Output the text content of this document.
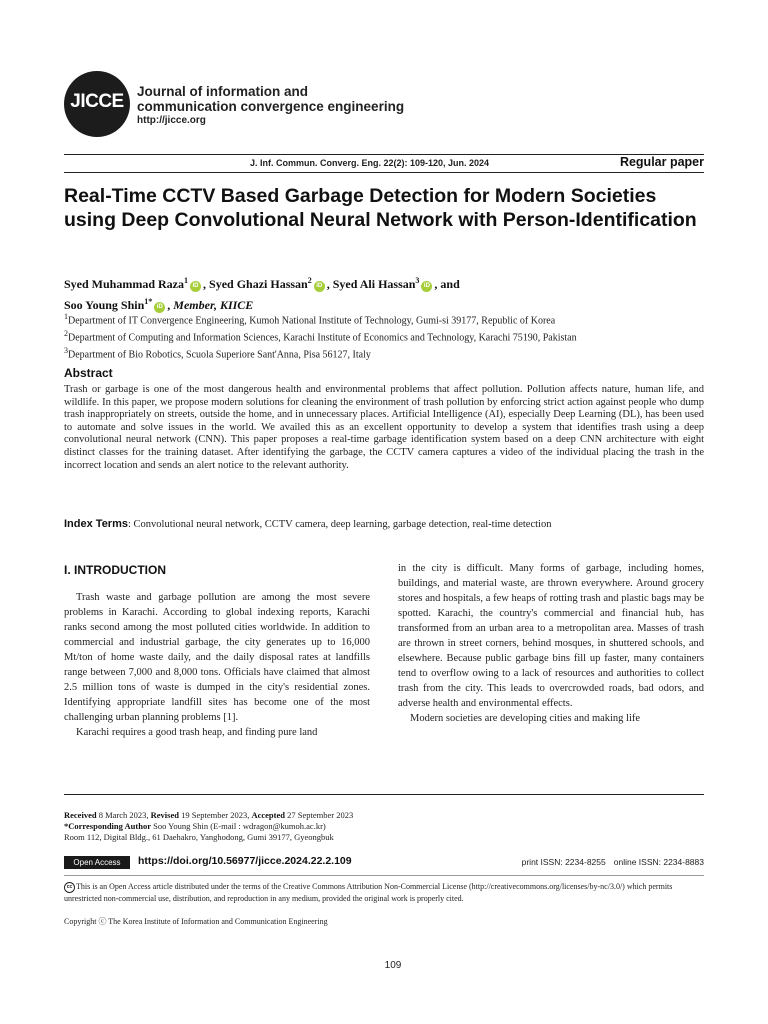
JICCE Journal of information and
communication convergence engineering
http://jicce.org
J. Inf. Commun. Converg. Eng. 22(2): 109-120, Jun. 2024	Regular paper
Real-Time CCTV Based Garbage Detection for Modern Societies using Deep Convolutional Neural Network with Person-Identification
Syed Muhammad Raza$^1$iD , Syed Ghazi Hassan$^2$iD , Syed Ali Hassan$^3$iD , and
Soo Young Shin$^{1*}$iD , Member, KIICE
$^1$Department of IT Convergence Engineering, Kumoh National Institute of Technology, Gumi-si 39177, Republic of Korea
$^2$Department of Computing and Information Sciences, Karachi Institute of Economics and Technology, Karachi 75190, Pakistan
$^3$Department of Bio Robotics, Scuola Superiore Sant'Anna, Pisa 56127, Italy
Abstract
Trash or garbage is one of the most dangerous health and environmental problems that affect pollution. Pollution affects nature, human life, and wildlife. In this paper, we propose modern solutions for cleaning the environment of trash pollution by enforcing strict action against people who dump trash inappropriately on streets, outside the home, and in unnecessary places. Artificial Intelligence (AI), especially Deep Learning (DL), has been used to automate and solve issues in the world. We availed this as an excellent opportunity to develop a system that identifies trash using a deep convolutional neural network (CNN). This paper proposes a real-time garbage identification system based on a deep CNN architecture with eight distinct classes for the training dataset. After identifying the garbage, the CCTV camera captures a video of the individual placing the trash in the incorrect location and sends an alert notice to the relevant authority.
Index Terms: Convolutional neural network, CCTV camera, deep learning, garbage detection, real-time detection
I. INTRODUCTION

Trash waste and garbage pollution are among the most severe problems in Karachi. According to global indexing reports, Karachi ranks second among the most polluted cities worldwide. In addition to commercial and industrial garbage, the city generates up to 16,000 Mt/ton of home waste daily, and the daily disposal rates at landfills range between 7,000 and 8,000 tons. Officials have claimed that almost 2.5 million tons of waste is dumped in the city's residential zones. Identifying appropriate landfill sites has become one of the most challenging urban planning problems [1].

Karachi requires a good trash heap, and finding pure land

in the city is difficult. Many forms of garbage, including homes, buildings, and material waste, are thrown everywhere. Around grocery stores and hospitals, a few heaps of rotting trash and plastic bags may be spotted. Karachi, the country's commercial and financial hub, has transformed from an urban area to a metropolitan area. Masses of trash are thrown in street corners, behind mosques, in shuttered schools, and elsewhere. Because public garbage bins fill up faster, many containers tend to overflow owing to a lack of resources and authorities to collect trash from the city. This leads to overcrowded roads, bad odors, and adverse health and environmental effects.

Modern societies are developing cities and making life

Received 8 March 2023, Revised 19 September 2023, Accepted 27 September 2023
*Corresponding Author Soo Young Shin (E-mail : wdragon@kumoh.ac.kr)
Room 112, Digital Bldg., 61 Daehakro, Yanghodong, Gumi 39177, Gyeongbuk
Open Access	https://doi.org/10.56977/jicce.2024.22.2.109	print ISSN: 2234-8255 online ISSN: 2234-8883
cc This is an Open Access article distributed under the terms of the Creative Commons Attribution Non-Commercial License (http://creativecommons.org/licenses/by-nc/3.0/) which permits unrestricted non-commercial use, distribution, and reproduction in any medium, provided the original work is properly cited.
Copyright ⓒ The Korea Institute of Information and Communication Engineering
109
